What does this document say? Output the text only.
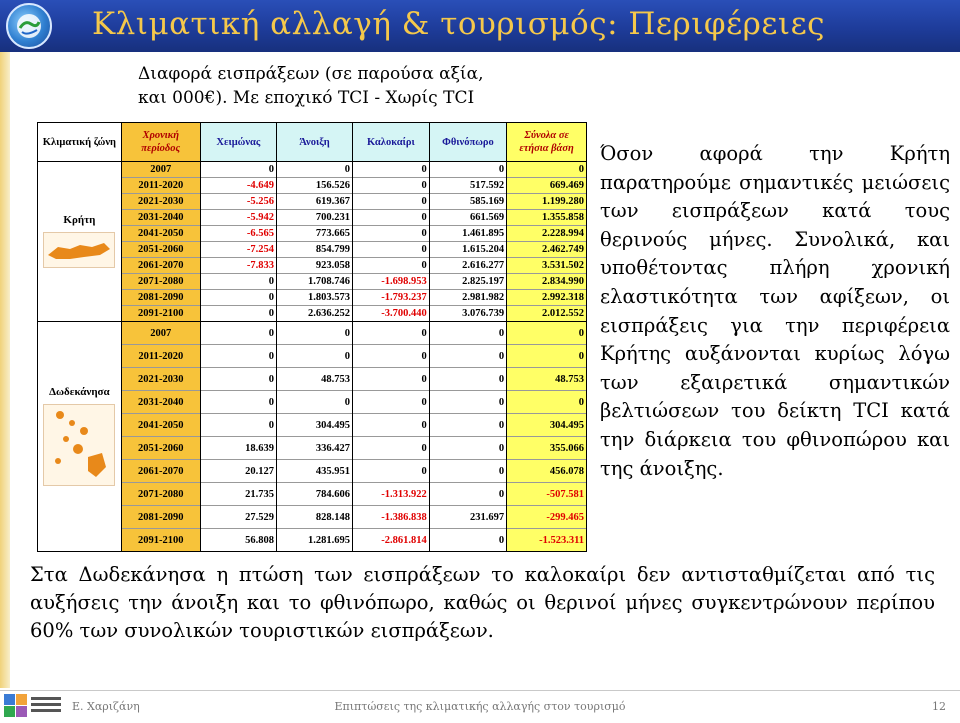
Κλιματική αλλαγή & τουρισμός: Περιφέρειες
Διαφορά εισπράξεων (σε παρούσα αξία,
και 000€). Με εποχικό TCI - Χωρίς TCI
Κλιματική ζώνη	Χρονική περίοδος	Χειμώνας	Άνοιξη	Καλοκαίρι	Φθινόπωρο	Σύνολα σε ετήσια βάση

Κρήτη	2007	0	0	0	0	0
	2011-2020	-4.649	156.526	0	517.592	669.469
	2021-2030	-5.256	619.367	0	585.169	1.199.280
	2031-2040	-5.942	700.231	0	661.569	1.355.858
	2041-2050	-6.565	773.665	0	1.461.895	2.228.994
	2051-2060	-7.254	854.799	0	1.615.204	2.462.749
	2061-2070	-7.833	923.058	0	2.616.277	3.531.502
	2071-2080	0	1.708.746	-1.698.953	2.825.197	2.834.990
	2081-2090	0	1.803.573	-1.793.237	2.981.982	2.992.318
	2091-2100	0	2.636.252	-3.700.440	3.076.739	2.012.552

Δωδεκάνησα	2007	0	0	0	0	0
	2011-2020	0	0	0	0	0
	2021-2030	0	48.753	0	0	48.753
	2031-2040	0	0	0	0	0
	2041-2050	0	304.495	0	0	304.495
	2051-2060	18.639	336.427	0	0	355.066
	2061-2070	20.127	435.951	0	0	456.078
	2071-2080	21.735	784.606	-1.313.922	0	-507.581
	2081-2090	27.529	828.148	-1.386.838	231.697	-299.465
	2091-2100	56.808	1.281.695	-2.861.814	0	-1.523.311
Όσον αφορά την Κρήτη παρατηρούμε σημαντικές μειώσεις των εισπράξεων κατά τους θερινούς μήνες. Συνολικά, και υποθέτοντας πλήρη χρονική ελαστικότητα των αφίξεων, οι εισπράξεις για την περιφέρεια Κρήτης αυξάνονται κυρίως λόγω των εξαιρετικά σημαντικών βελτιώσεων του δείκτη TCI κατά την διάρκεια του φθινοπώρου και της άνοιξης.
Στα Δωδεκάνησα η πτώση των εισπράξεων το καλοκαίρι δεν αντισταθμίζεται από τις αυξήσεις την άνοιξη και το φθινόπωρο, καθώς οι θερινοί μήνες συγκεντρώνουν περίπου 60% των συνολικών τουριστικών εισπράξεων.
Επιπτώσεις της κλιματικής αλλαγής στον τουρισμό
Ε. Χαριζάνη	12
